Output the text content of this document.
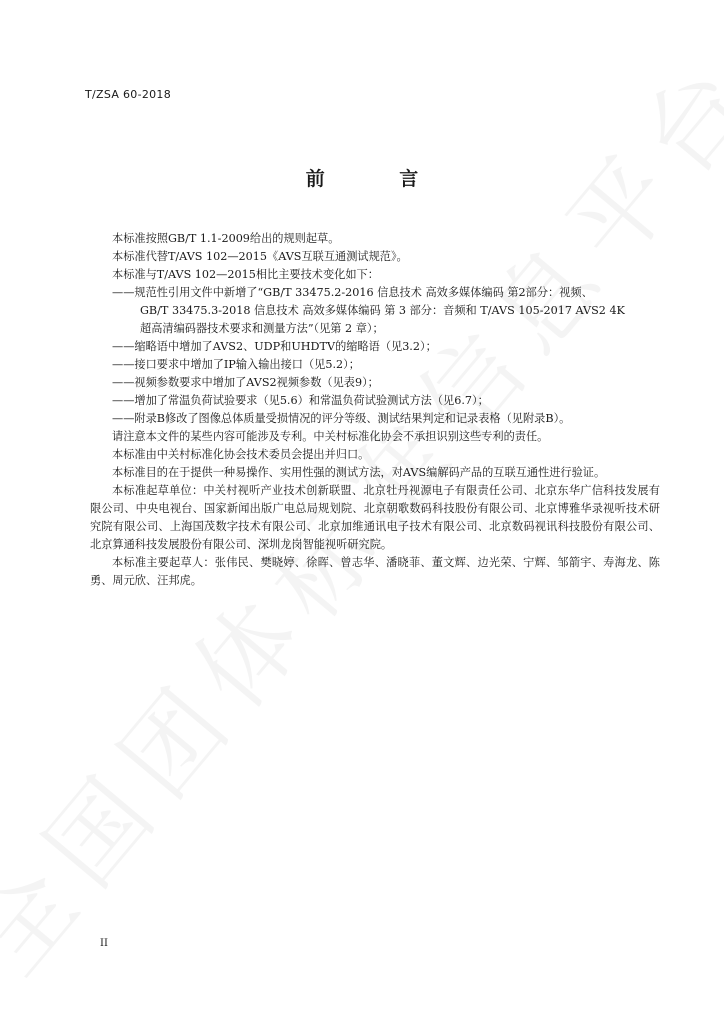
T/ZSA 60-2018
前 言

本标准按照GB/T 1.1-2009给出的规则起草。

本标准代替T/AVS 102—2015《AVS互联互通测试规范》。

本标准与T/AVS 102—2015相比主要技术变化如下：

——规范性引用文件中新增了“GB/T 33475.2-2016 信息技术 高效多媒体编码 第2部分：视频、

GB/T 33475.3-2018 信息技术 高效多媒体编码 第 3 部分：音频和 T/AVS 105-2017 AVS2 4K

超高清编码器技术要求和测量方法”（见第 2 章）；

——缩略语中增加了AVS2、UDP和UHDTV的缩略语（见3.2）；

——接口要求中增加了IP输入输出接口（见5.2）；

——视频参数要求中增加了AVS2视频参数（见表9）；

——增加了常温负荷试验要求（见5.6）和常温负荷试验测试方法（见6.7）；

——附录B修改了图像总体质量受损情况的评分等级、测试结果判定和记录表格（见附录B）。

请注意本文件的某些内容可能涉及专利。中关村标准化协会不承担识别这些专利的责任。

本标准由中关村标准化协会技术委员会提出并归口。

本标准目的在于提供一种易操作、实用性强的测试方法，对AVS编解码产品的互联互通性进行验证。

本标准起草单位：中关村视听产业技术创新联盟、北京牡丹视源电子有限责任公司、北京东华广信科技发展有限公司、中央电视台、国家新闻出版广电总局规划院、北京朝歌数码科技股份有限公司、北京博雅华录视听技术研究院有限公司、上海国茂数字技术有限公司、北京加维通讯电子技术有限公司、北京数码视讯科技股份有限公司、北京算通科技发展股份有限公司、深圳龙岗智能视听研究院。

本标准主要起草人：张伟民、樊晓婷、徐晖、曾志华、潘晓菲、董文辉、边光荣、宁辉、邹箭宇、寿海龙、陈勇、周元欣、汪邦虎。

II
